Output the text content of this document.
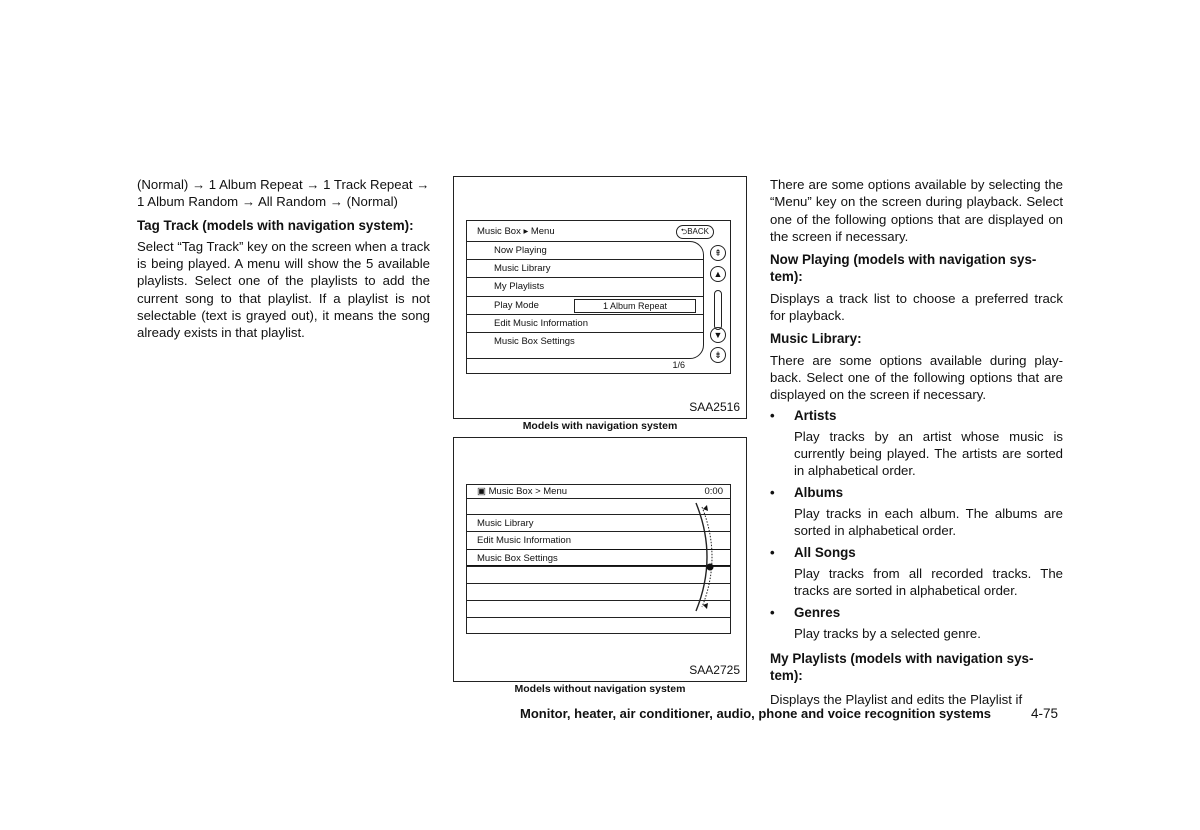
(Normal) → 1 Album Repeat → 1 Track Repeat → 1 Album Random → All Random → (Normal)

Tag Track (models with navigation system):

Select “Tag Track” key on the screen when a track is being played. A menu will show the 5 available playlists. Select one of the playlists to add the current song to that playlist. If a playlist is not selectable (text is grayed out), it means the song already exists in that playlist.

Music Box ▸ Menu	⮌BACK
Now Playing
Music Library
My Playlists
Play Mode	1 Album Repeat
Edit Music Information
Music Box Settings
⇞
▲
▼
⇟
1/6
SAA2516
Models with navigation system
▣ Music Box > Menu	0:00
Music Library
Edit Music Information
Music Box Settings
SAA2725
Models without navigation system

There are some options available by selecting the “Menu” key on the screen during playback. Select one of the following options that are displayed on the screen if necessary.

Now Playing (models with navigation sys-tem):

Displays a track list to choose a preferred track for playback.

Music Library:

There are some options available during play-back. Select one of the following options that are displayed on the screen if necessary.

• Artists

Play tracks by an artist whose music is currently being played. The artists are sorted in alphabetical order.

• Albums

Play tracks in each album. The albums are sorted in alphabetical order.

• All Songs

Play tracks from all recorded tracks. The tracks are sorted in alphabetical order.

• Genres

Play tracks by a selected genre.

My Playlists (models with navigation sys-tem):

Displays the Playlist and edits the Playlist if

Monitor, heater, air conditioner, audio, phone and voice recognition systems	4-75
